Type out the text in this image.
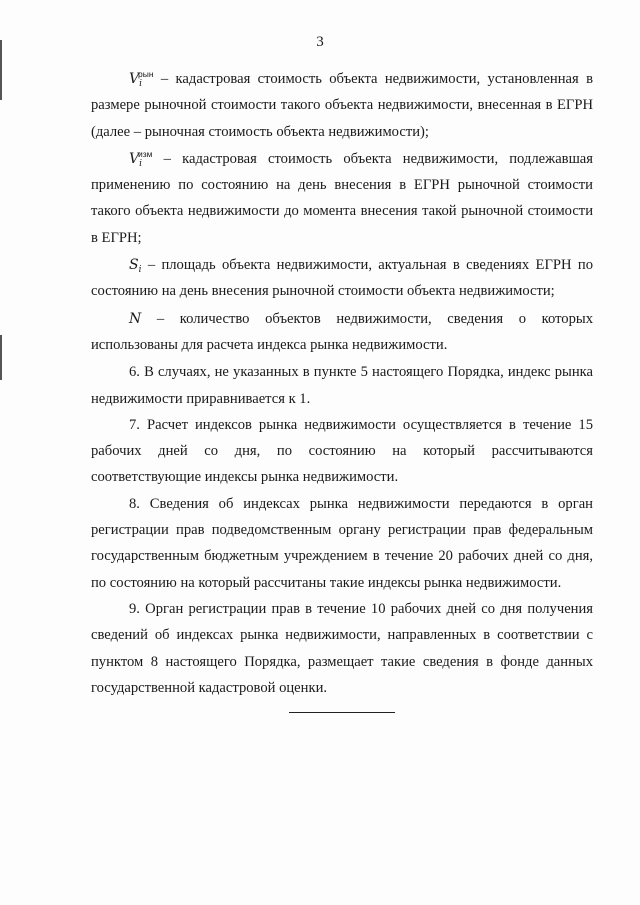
3

$V_i^{рын}$ – кадастровая стоимость объекта недвижимости, установленная в размере рыночной стоимости такого объекта недвижимости, внесенная в ЕГРН (далее – рыночная стоимость объекта недвижимости);

$V_i^{изм}$ – кадастровая стоимость объекта недвижимости, подлежавшая применению по состоянию на день внесения в ЕГРН рыночной стоимости такого объекта недвижимости до момента внесения такой рыночной стоимости в ЕГРН;

$S_i$ – площадь объекта недвижимости, актуальная в сведениях ЕГРН по состоянию на день внесения рыночной стоимости объекта недвижимости;

N – количество объектов недвижимости, сведения о которых использованы для расчета индекса рынка недвижимости.

6. В случаях, не указанных в пункте 5 настоящего Порядка, индекс рынка недвижимости приравнивается к 1.

7. Расчет индексов рынка недвижимости осуществляется в течение 15 рабочих дней со дня, по состоянию на который рассчитываются соответствующие индексы рынка недвижимости.

8. Сведения об индексах рынка недвижимости передаются в орган регистрации прав подведомственным органу регистрации прав федеральным государственным бюджетным учреждением в течение 20 рабочих дней со дня, по состоянию на который рассчитаны такие индексы рынка недвижимости.

9. Орган регистрации прав в течение 10 рабочих дней со дня получения сведений об индексах рынка недвижимости, направленных в соответствии с пунктом 8 настоящего Порядка, размещает такие сведения в фонде данных государственной кадастровой оценки.
